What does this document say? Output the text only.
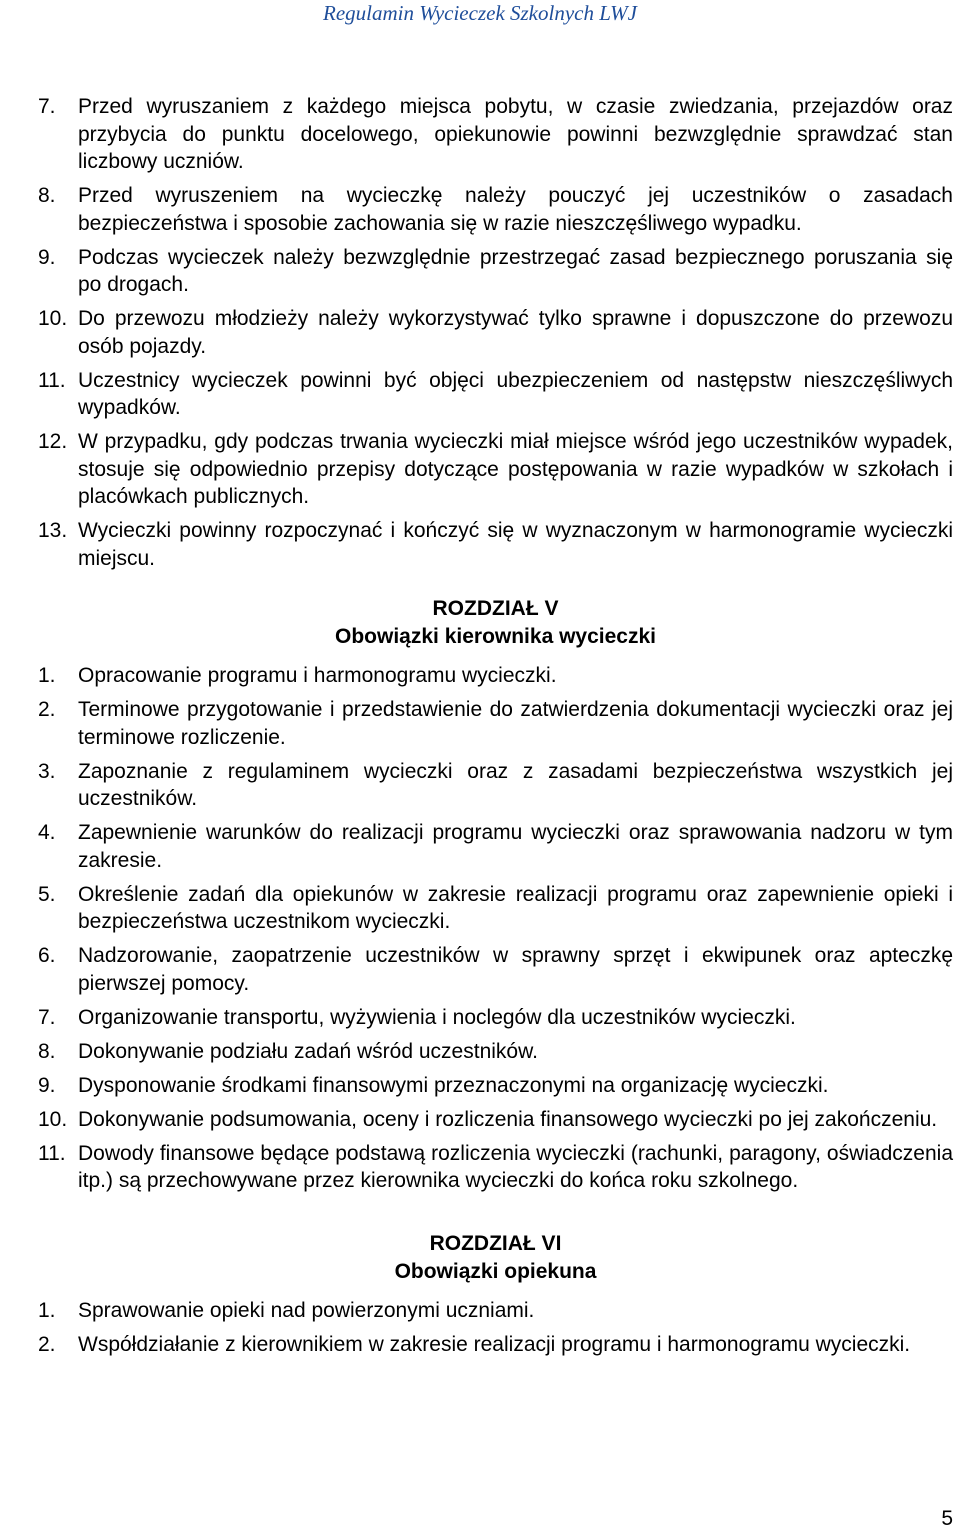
Regulamin Wycieczek Szkolnych LWJ
7. Przed wyruszaniem z każdego miejsca pobytu, w czasie zwiedzania, przejazdów oraz przybycia do punktu docelowego, opiekunowie powinni bezwzględnie sprawdzać stan liczbowy uczniów.
8. Przed wyruszeniem na wycieczkę należy pouczyć jej uczestników o zasadach bezpieczeństwa i sposobie zachowania się w razie nieszczęśliwego wypadku.
9. Podczas wycieczek należy bezwzględnie przestrzegać zasad bezpiecznego poruszania się po drogach.
10. Do przewozu młodzieży należy wykorzystywać tylko sprawne i dopuszczone do przewozu osób pojazdy.
11. Uczestnicy wycieczek powinni być objęci ubezpieczeniem od następstw nieszczęśliwych wypadków.
12. W przypadku, gdy podczas trwania wycieczki miał miejsce wśród jego uczestników wypadek, stosuje się odpowiednio przepisy dotyczące postępowania w razie wypadków w szkołach i placówkach publicznych.
13. Wycieczki powinny rozpoczynać i kończyć się w wyznaczonym w harmonogramie wycieczki miejscu.
ROZDZIAŁ V
Obowiązki kierownika wycieczki
1. Opracowanie programu i harmonogramu wycieczki.
2. Terminowe przygotowanie i przedstawienie do zatwierdzenia dokumentacji wycieczki oraz jej terminowe rozliczenie.
3. Zapoznanie z regulaminem wycieczki oraz z zasadami bezpieczeństwa wszystkich jej uczestników.
4. Zapewnienie warunków do realizacji programu wycieczki oraz sprawowania nadzoru w tym zakresie.
5. Określenie zadań dla opiekunów w zakresie realizacji programu oraz zapewnienie opieki i bezpieczeństwa uczestnikom wycieczki.
6. Nadzorowanie, zaopatrzenie uczestników w sprawny sprzęt i ekwipunek oraz apteczkę pierwszej pomocy.
7. Organizowanie transportu, wyżywienia i noclegów dla uczestników wycieczki.
8. Dokonywanie podziału zadań wśród uczestników.
9. Dysponowanie środkami finansowymi przeznaczonymi na organizację wycieczki.
10. Dokonywanie podsumowania, oceny i rozliczenia finansowego wycieczki po jej zakończeniu.
11. Dowody finansowe będące podstawą rozliczenia wycieczki (rachunki, paragony, oświadczenia itp.) są przechowywane przez kierownika wycieczki do końca roku szkolnego.
ROZDZIAŁ VI
Obowiązki opiekuna
1. Sprawowanie opieki nad powierzonymi uczniami.
2. Współdziałanie z kierownikiem w zakresie realizacji programu i harmonogramu wycieczki.
5
